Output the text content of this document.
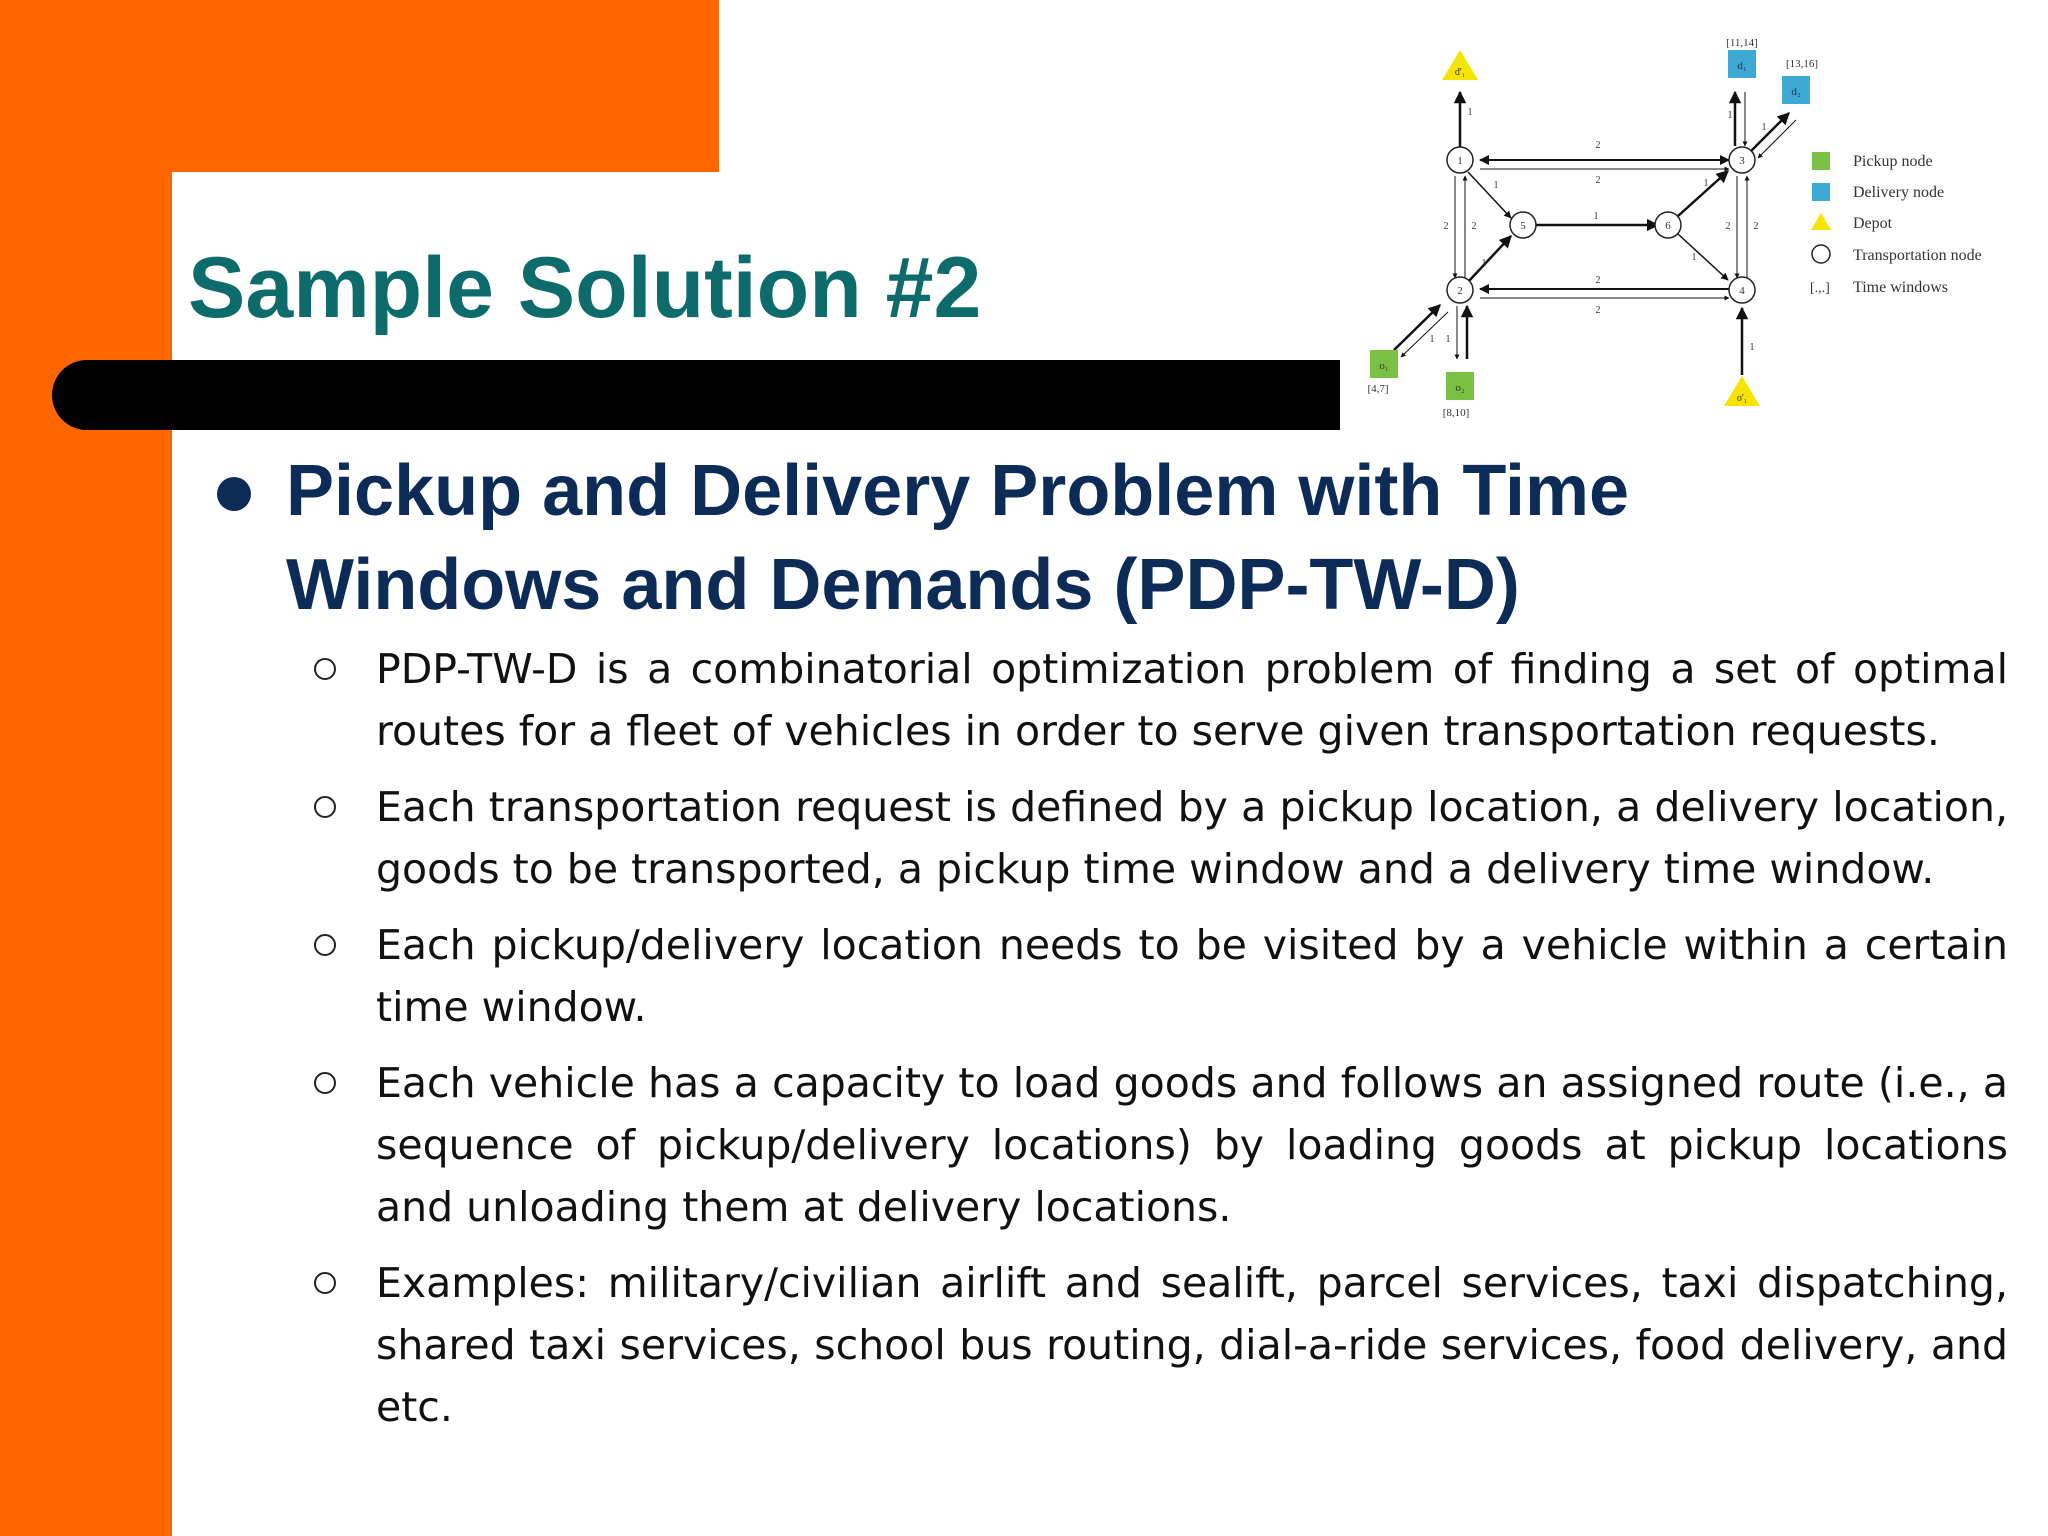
Sample Solution #2
1
2
3
4
5	6
d₁
d₂
[11,14]
[13,16]
o₁
o₂
[4,7]
[8,10]
d'₁
o'₁
2
2
2
2
2 2	2 2
1
1	1
1
1 1
1
1
1
1
1
[.,.]
Pickup node
Delivery node
Depot
Transportation node
Time windows
Pickup and Delivery Problem with Time Windows and Demands (PDP-TW-D)
PDP-TW-D is a combinatorial optimization problem of finding a set of optimal routes for a fleet of vehicles in order to serve given transportation requests.
Each transportation request is defined by a pickup location, a delivery location, goods to be transported, a pickup time window and a delivery time window.
Each pickup/delivery location needs to be visited by a vehicle within a certain time window.
Each vehicle has a capacity to load goods and follows an assigned route (i.e., a sequence of pickup/delivery locations) by loading goods at pickup locations and unloading them at delivery locations.
Examples: military/civilian airlift and sealift, parcel services, taxi dispatching, shared taxi services, school bus routing, dial-a-ride services, food delivery, and etc.
